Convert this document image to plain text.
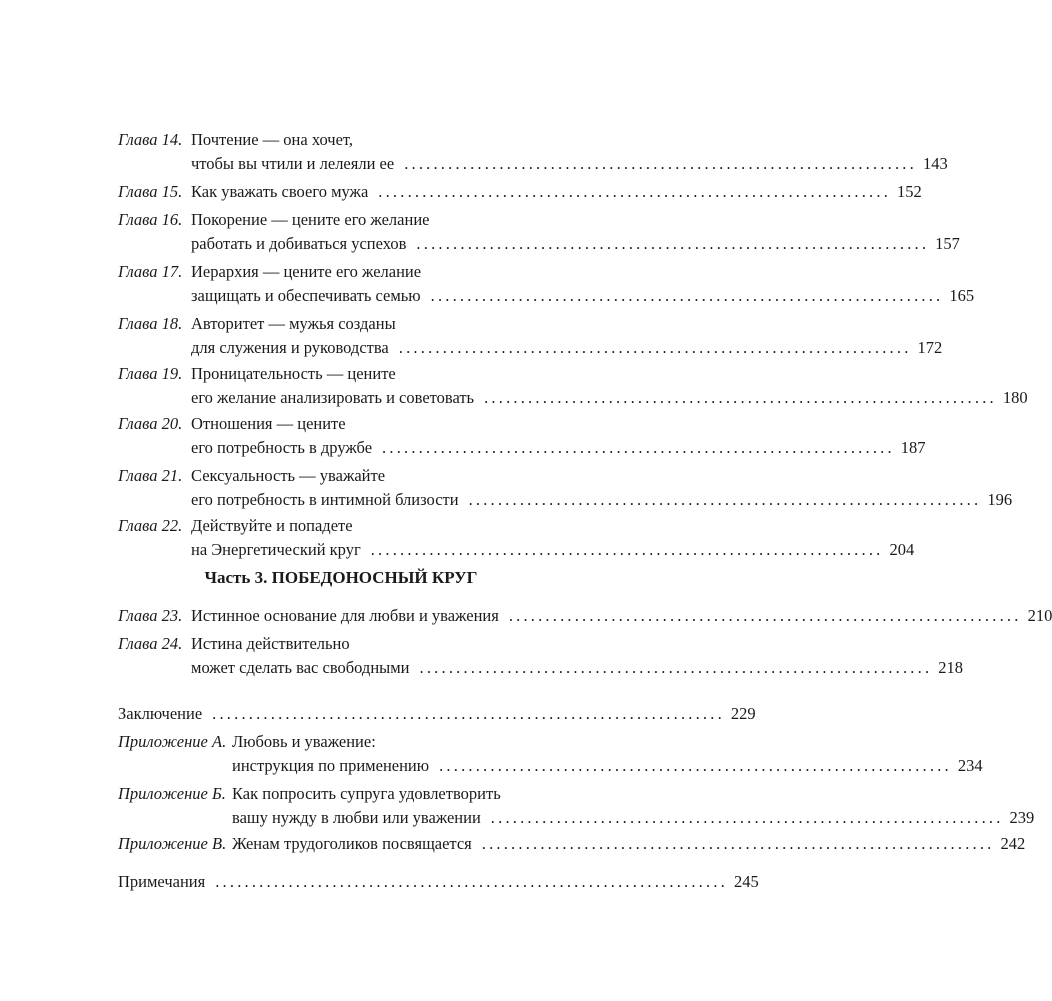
Глава 14. Почтение — она хочет,
чтобы вы чтили и лелеяли ее ...................................................................... 143
Глава 15. Как уважать своего мужа ...................................................................... 152
Глава 16. Покорение — цените его желание
работать и добиваться успехов ...................................................................... 157
Глава 17. Иерархия — цените его желание
защищать и обеспечивать семью ...................................................................... 165
Глава 18. Авторитет — мужья созданы
для служения и руководства ...................................................................... 172
Глава 19. Проницательность — цените
его желание анализировать и советовать ...................................................................... 180
Глава 20. Отношения — цените
его потребность в дружбе ...................................................................... 187
Глава 21. Сексуальность — уважайте
его потребность в интимной близости ...................................................................... 196
Глава 22. Действуйте и попадете
на Энергетический круг ...................................................................... 204
Часть 3. ПОБЕДОНОСНЫЙ КРУГ
Глава 23. Истинное основание для любви и уважения ...................................................................... 210
Глава 24. Истина действительно
может сделать вас свободными ...................................................................... 218
Заключение ...................................................................... 229
Приложение А. Любовь и уважение:
инструкция по применению ...................................................................... 234
Приложение Б. Как попросить супруга удовлетворить
вашу нужду в любви или уважении ...................................................................... 239
Приложение В. Женам трудоголиков посвящается ...................................................................... 242
Примечания ...................................................................... 245
